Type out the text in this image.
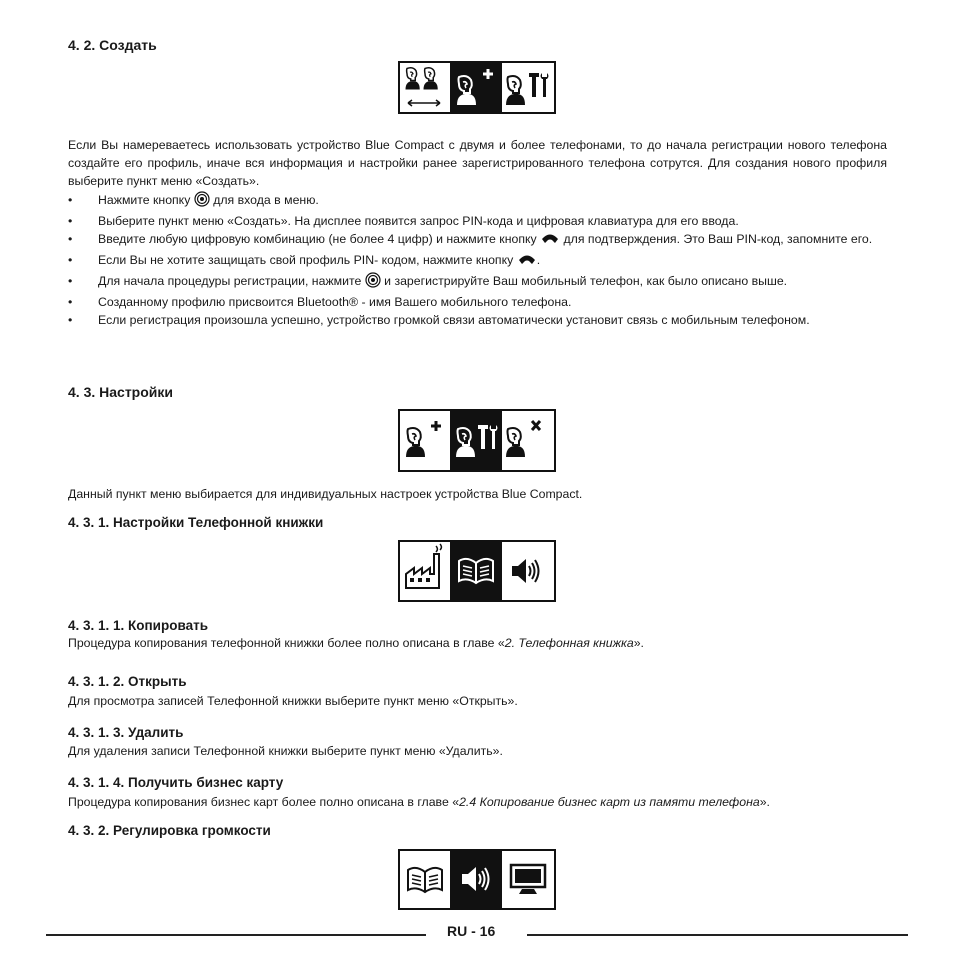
4. 2. Создать

Если Вы намереваетесь использовать устройство Blue Compact с двумя и более телефонами, то до начала регистрации нового телефона создайте его профиль, иначе вся информация и настройки ранее зарегистрированного телефона сотрутся. Для создания нового профиля выберите пункт меню «Создать».

• Нажмите кнопку для входа в меню.
• Выберите пункт меню «Создать». На дисплее появится запрос PIN-кода и цифровая клавиатура для его ввода.
• Введите любую цифровую комбинацию (не более 4 цифр) и нажмите кнопку для подтверждения. Это Ваш PIN-код, запомните его.
• Если Вы не хотите защищать свой профиль PIN- кодом, нажмите кнопку .
• Для начала процедуры регистрации, нажмите и зарегистрируйте Ваш мобильный телефон, как было описано выше.
• Созданному профилю присвоится Bluetooth® - имя Вашего мобильного телефона.
• Если регистрация произошла успешно, устройство громкой связи автоматически установит связь с мобильным телефоном.
4. 3. Настройки

Данный пункт меню выбирается для индивидуальных настроек устройства Blue Compact.

4. 3. 1. Настройки Телефонной книжки
4. 3. 1. 1. Копировать

Процедура копирования телефонной книжки более полно описана в главе «2. Телефонная книжка».

4. 3. 1. 2. Открыть

Для просмотра записей Телефонной книжки выберите пункт меню «Открыть».

4. 3. 1. 3. Удалить

Для удаления записи Телефонной книжки выберите пункт меню «Удалить».

4. 3. 1. 4. Получить бизнес карту

Процедура копирования бизнес карт более полно описана в главе «2.4 Копирование бизнес карт из памяти телефона».

4. 3. 2. Регулировка громкости
RU - 16
